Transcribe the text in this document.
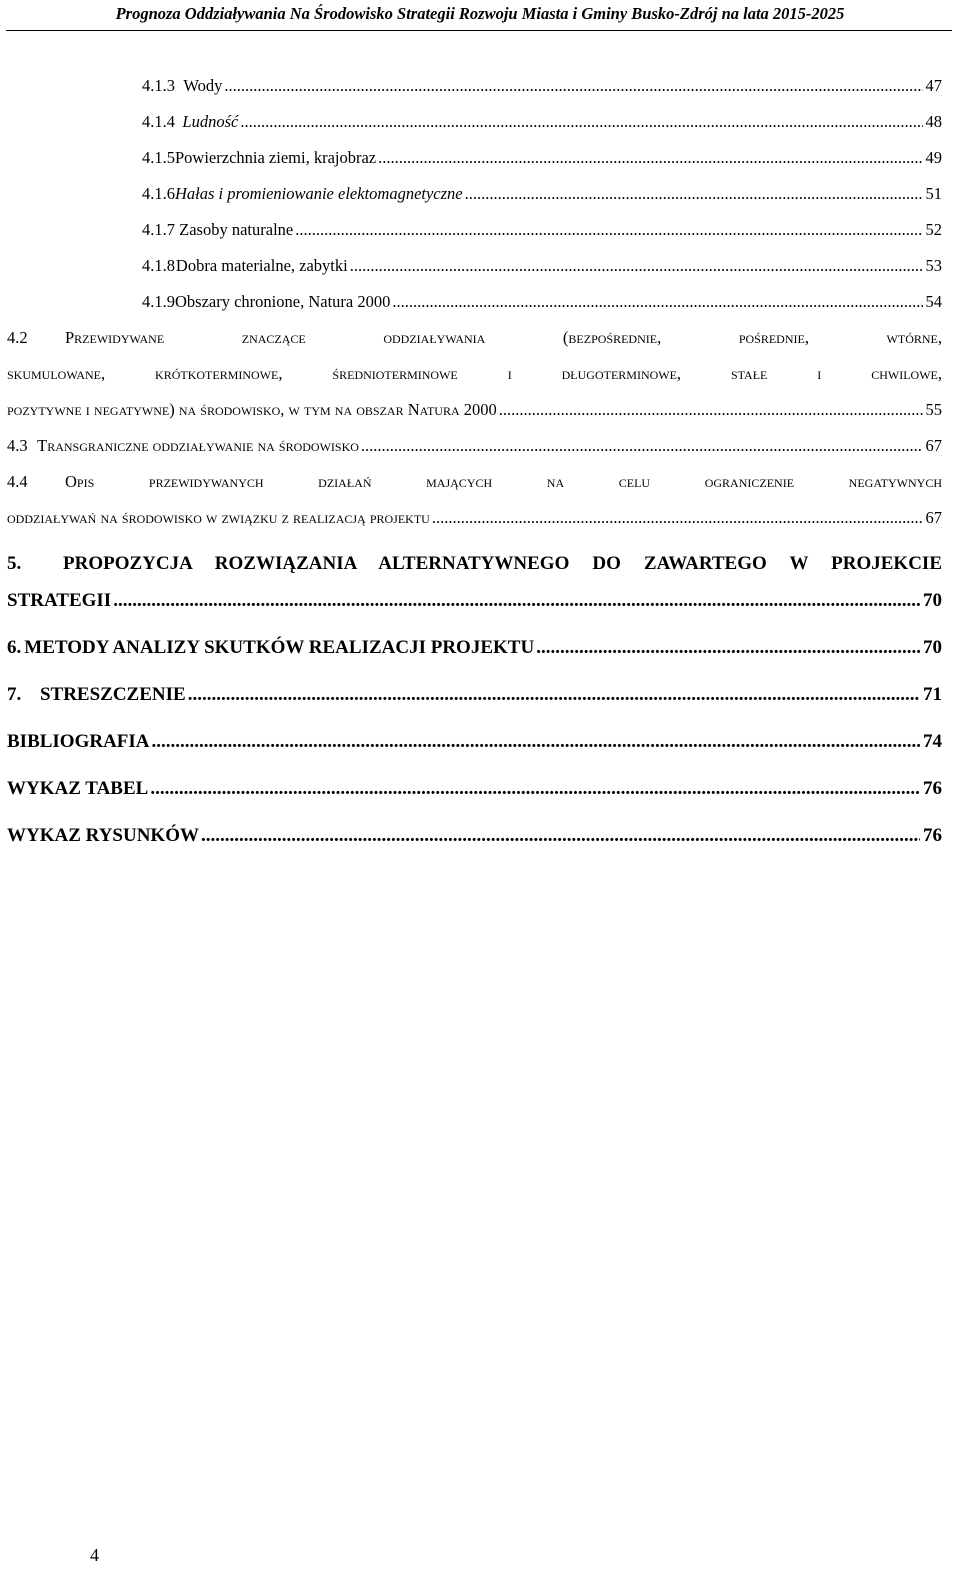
Prognoza Oddziaływania Na Środowisko Strategii Rozwoju Miasta i Gminy Busko-Zdrój na lata 2015-2025
4.1.3 Wody .....	47
4.1.4 Ludność .....	48
4.1.5 Powierzchnia ziemi, krajobraz .....	49
4.1.6 Hałas i promieniowanie elektomagnetyczne .....	51
4.1.7 Zasoby naturalne .....	52
4.1.8 Dobra materialne, zabytki .....	53
4.1.9 Obszary chronione, Natura 2000 .....	54
4.2 Przewidywane znaczące oddziaływania (bezpośrednie, pośrednie, wtórne,
skumulowane, krótkoterminowe, średnioterminowe i długoterminowe, stałe i chwilowe,
pozytywne i negatywne) na środowisko, w tym na obszar Natura 2000 .....	55
4.3 Transgraniczne oddziaływanie na środowisko .....	67
4.4 Opis przewidywanych działań mających na celu ograniczenie negatywnych
oddziaływań na środowisko w związku z realizacją projektu .....	67
5. PROPOZYCJA ROZWIĄZANIA ALTERNATYWNEGO DO ZAWARTEGO W PROJEKCIE
STRATEGII .....	70
6. METODY ANALIZY SKUTKÓW REALIZACJI PROJEKTU .....	70
7. STRESZCZENIE .....	71
BIBLIOGRAFIA .....	74
WYKAZ TABEL .....	76
WYKAZ RYSUNKÓW .....	76
4
